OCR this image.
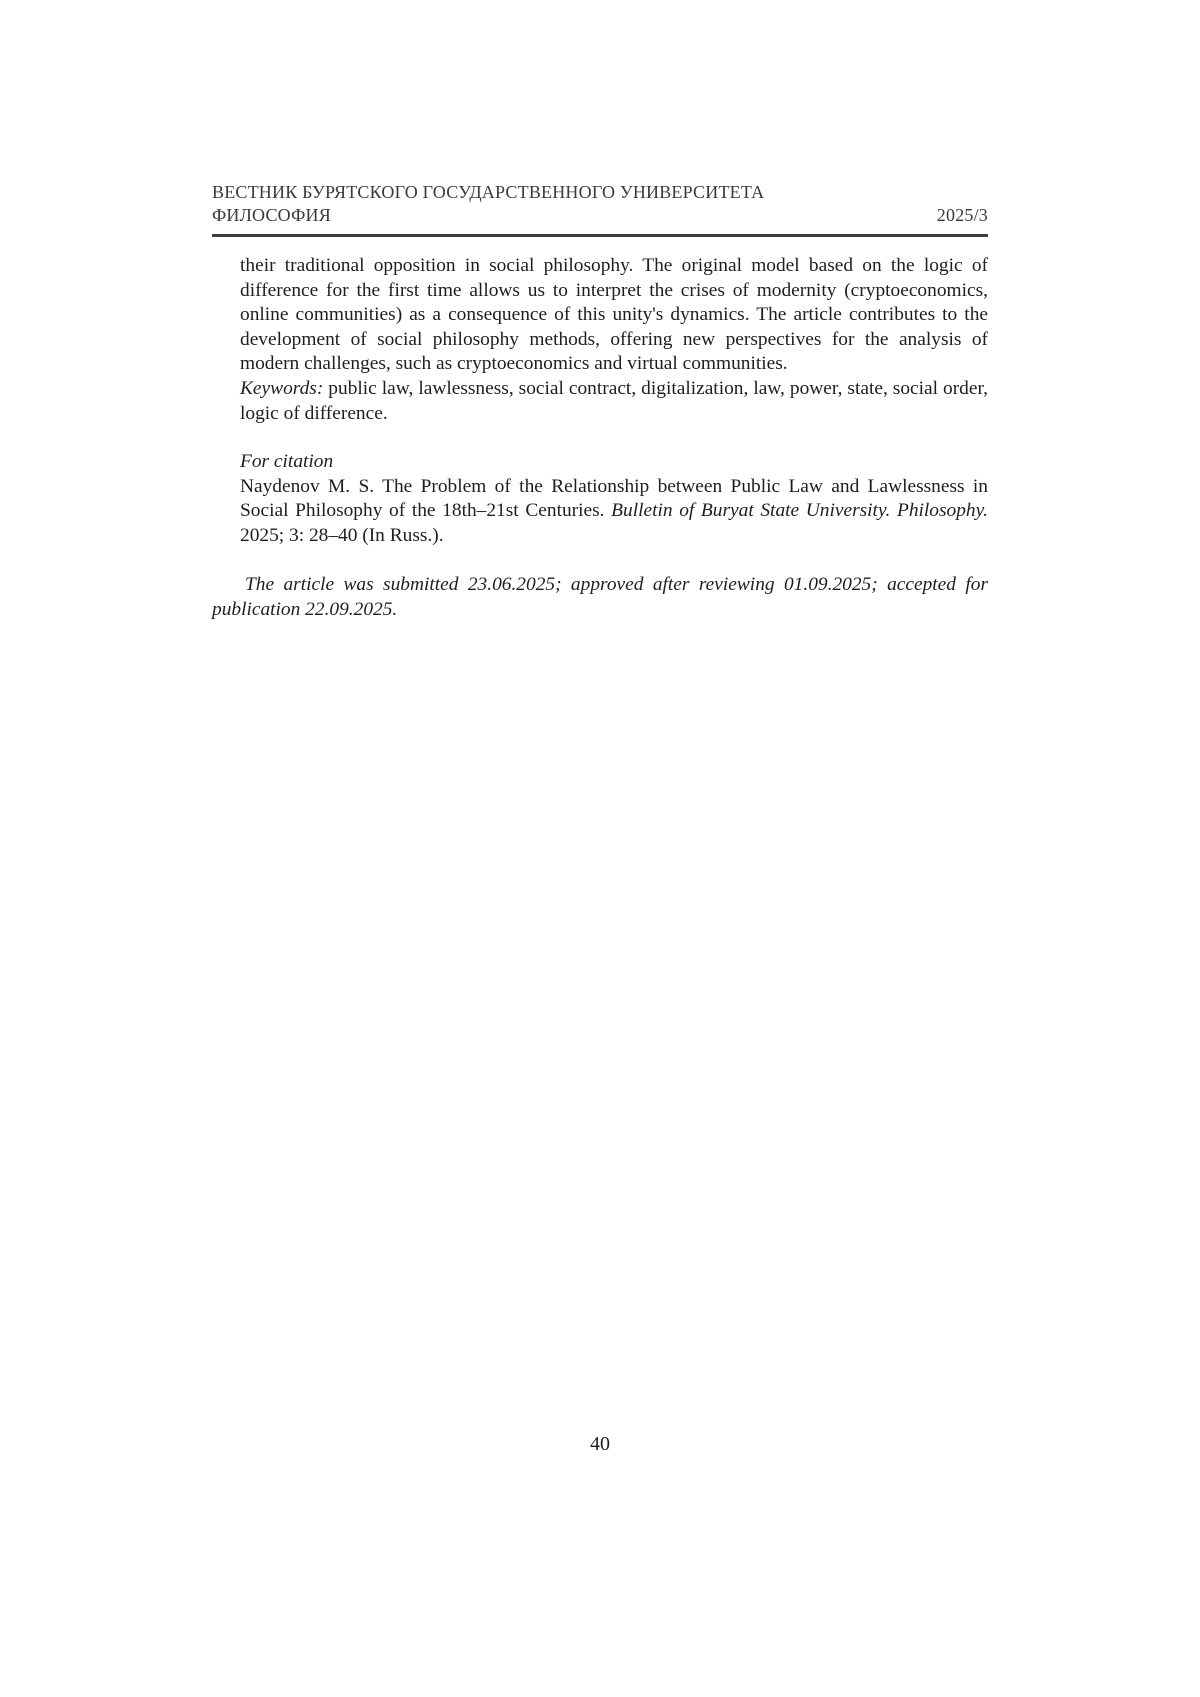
ВЕСТНИК БУРЯТСКОГО ГОСУДАРСТВЕННОГО УНИВЕРСИТЕТА
ФИЛОСОФИЯ	2025/3

their traditional opposition in social philosophy. The original model based on the logic of difference for the first time allows us to interpret the crises of modernity (cryptoeconomics, online communities) as a consequence of this unity's dynamics. The article contributes to the development of social philosophy methods, offering new perspectives for the analysis of modern challenges, such as cryptoeconomics and virtual communities.

Keywords: public law, lawlessness, social contract, digitalization, law, power, state, social order, logic of difference.

For citation

Naydenov M. S. The Problem of the Relationship between Public Law and Lawlessness in Social Philosophy of the 18th–21st Centuries. Bulletin of Buryat State University. Philosophy. 2025; 3: 28–40 (In Russ.).

The article was submitted 23.06.2025; approved after reviewing 01.09.2025; accepted for publication 22.09.2025.

40
